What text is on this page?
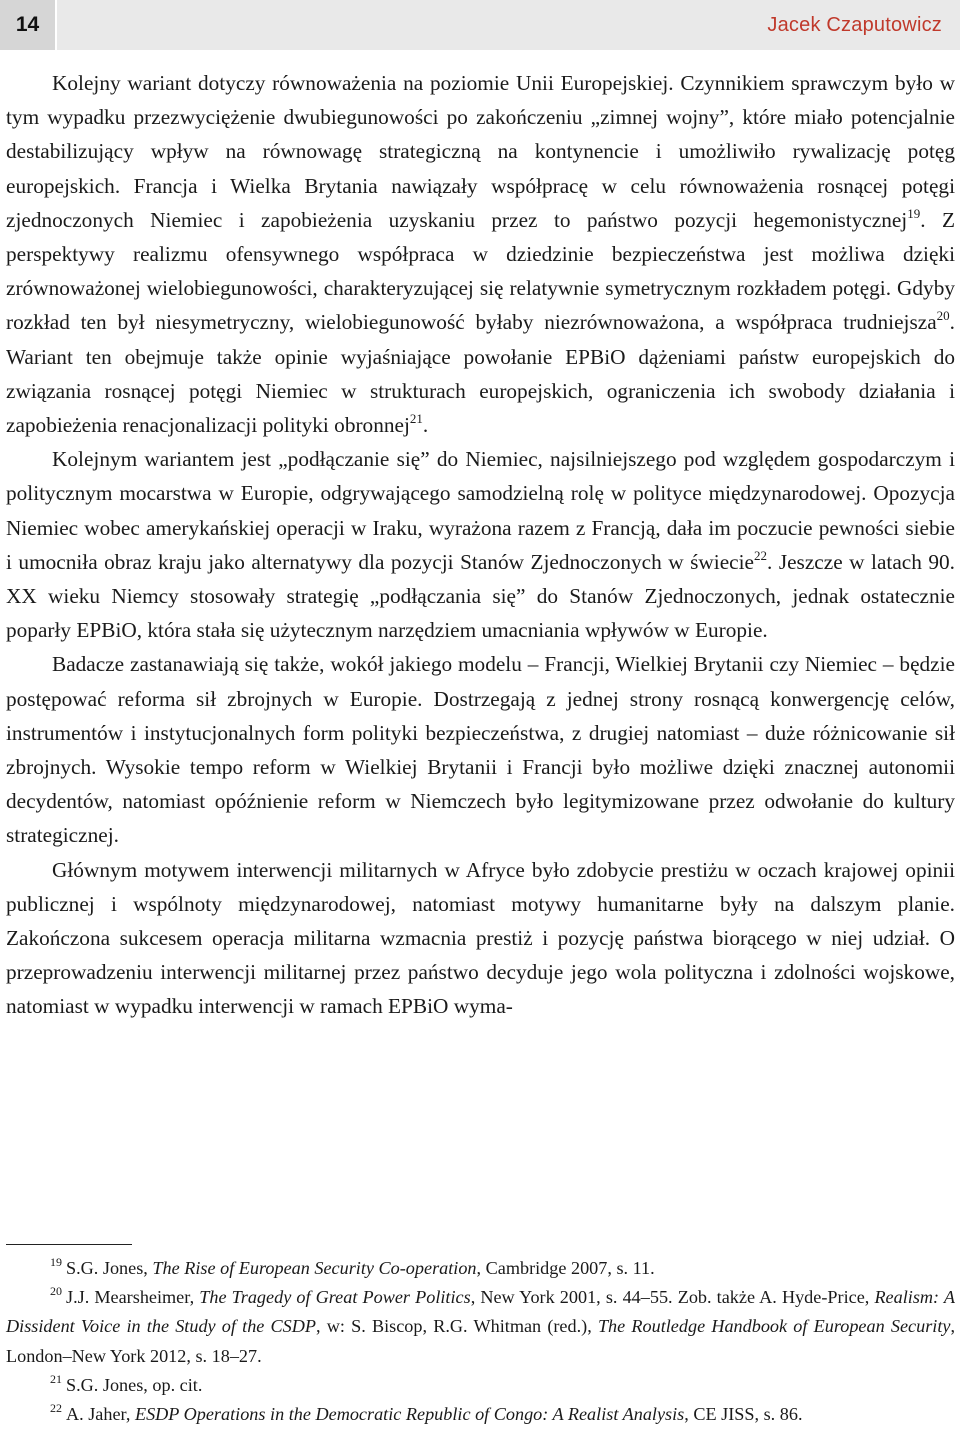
14	Jacek Czaputowicz

Kolejny wariant dotyczy równoważenia na poziomie Unii Europejskiej. Czynnikiem sprawczym było w tym wypadku przezwyciężenie dwubiegunowości po zakończeniu „zimnej wojny”, które miało potencjalnie destabilizujący wpływ na równowagę strategiczną na kontynencie i umożliwiło rywalizację potęg europejskich. Francja i Wielka Brytania nawiązały współpracę w celu równoważenia rosnącej potęgi zjednoczonych Niemiec i zapobieżenia uzyskaniu przez to państwo pozycji hegemonistycznej$^{19}$. Z perspektywy realizmu ofensywnego współpraca w dziedzinie bezpieczeństwa jest możliwa dzięki zrównoważonej wielobiegunowości, charakteryzującej się relatywnie symetrycznym rozkładem potęgi. Gdyby rozkład ten był niesymetryczny, wielobiegunowość byłaby niezrównoważona, a współpraca trudniejsza$^{20}$. Wariant ten obejmuje także opinie wyjaśniające powołanie EPBiO dążeniami państw europejskich do związania rosnącej potęgi Niemiec w strukturach europejskich, ograniczenia ich swobody działania i zapobieżenia renacjonalizacji polityki obronnej$^{21}$.

Kolejnym wariantem jest „podłączanie się” do Niemiec, najsilniejszego pod względem gospodarczym i politycznym mocarstwa w Europie, odgrywającego samodzielną rolę w polityce międzynarodowej. Opozycja Niemiec wobec amerykańskiej operacji w Iraku, wyrażona razem z Francją, dała im poczucie pewności siebie i umocniła obraz kraju jako alternatywy dla pozycji Stanów Zjednoczonych w świecie$^{22}$. Jeszcze w latach 90. XX wieku Niemcy stosowały strategię „podłączania się” do Stanów Zjednoczonych, jednak ostatecznie poparły EPBiO, która stała się użytecznym narzędziem umacniania wpływów w Europie.

Badacze zastanawiają się także, wokół jakiego modelu – Francji, Wielkiej Brytanii czy Niemiec – będzie postępować reforma sił zbrojnych w Europie. Dostrzegają z jednej strony rosnącą konwergencję celów, instrumentów i instytucjonalnych form polityki bezpieczeństwa, z drugiej natomiast – duże różnicowanie sił zbrojnych. Wysokie tempo reform w Wielkiej Brytanii i Francji było możliwe dzięki znacznej autonomii decydentów, natomiast opóźnienie reform w Niemczech było legitymizowane przez odwołanie do kultury strategicznej.

Głównym motywem interwencji militarnych w Afryce było zdobycie prestiżu w oczach krajowej opinii publicznej i wspólnoty międzynarodowej, natomiast motywy humanitarne były na dalszym planie. Zakończona sukcesem operacja militarna wzmacnia prestiż i pozycję państwa biorącego w niej udział. O przeprowadzeniu interwencji militarnej przez państwo decyduje jego wola polityczna i zdolności wojskowe, natomiast w wypadku interwencji w ramach EPBiO wyma-

$^{19}$ S.G. Jones, The Rise of European Security Co-operation, Cambridge 2007, s. 11.

$^{20}$ J.J. Mearsheimer, The Tragedy of Great Power Politics, New York 2001, s. 44–55. Zob. także A. Hyde-Price, Realism: A Dissident Voice in the Study of the CSDP, w: S. Biscop, R.G. Whitman (red.), The Routledge Handbook of European Security, London–New York 2012, s. 18–27.

$^{21}$ S.G. Jones, op. cit.

$^{22}$ A. Jaher, ESDP Operations in the Democratic Republic of Congo: A Realist Analysis, CE JISS, s. 86.
